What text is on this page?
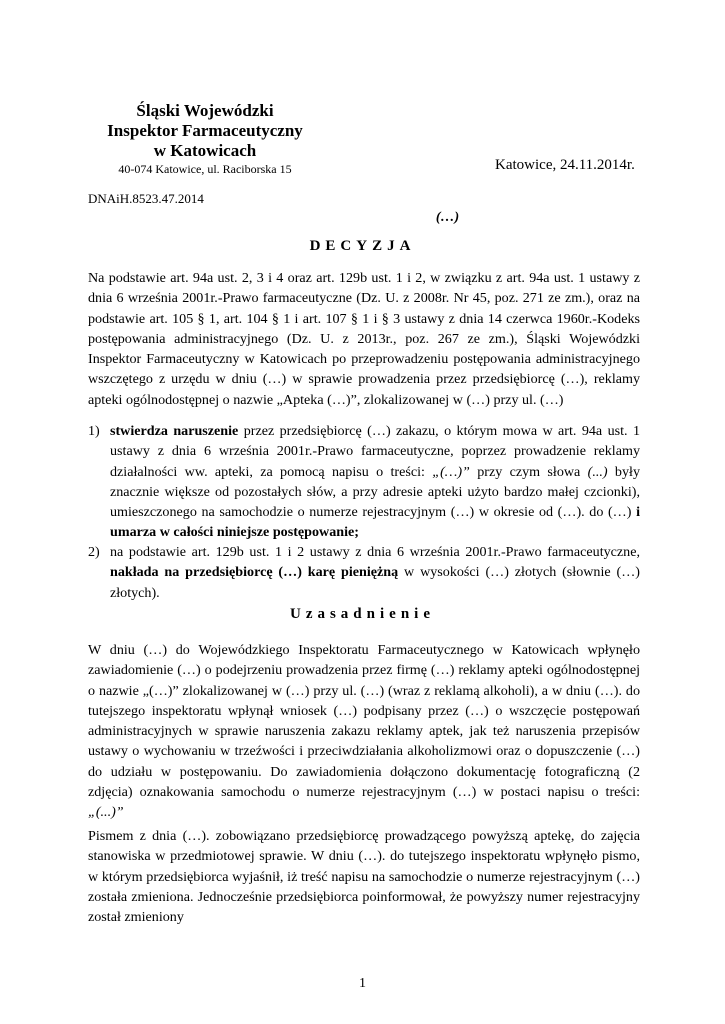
Śląski Wojewódzki
Inspektor Farmaceutyczny
w Katowicach
40-074 Katowice, ul. Raciborska 15	Katowice, 24.11.2014r.
DNAiH.8523.47.2014
(…)
DECYZJA
Na podstawie art. 94a ust. 2, 3 i 4 oraz art. 129b ust. 1 i 2, w związku z art. 94a ust. 1 ustawy z dnia 6 września 2001r.-Prawo farmaceutyczne (Dz. U. z 2008r. Nr 45, poz. 271 ze zm.), oraz na podstawie art. 105 § 1, art. 104 § 1 i art. 107 § 1 i § 3 ustawy z dnia 14 czerwca 1960r.-Kodeks postępowania administracyjnego (Dz. U. z 2013r., poz. 267 ze zm.), Śląski Wojewódzki Inspektor Farmaceutyczny w Katowicach po przeprowadzeniu postępowania administracyjnego wszczętego z urzędu w dniu (…) w sprawie prowadzenia przez przedsiębiorcę (…), reklamy apteki ogólnodostępnej o nazwie „Apteka (…)”, zlokalizowanej w (…) przy ul. (…)
1) stwierdza naruszenie przez przedsiębiorcę (…) zakazu, o którym mowa w art. 94a ust. 1 ustawy z dnia 6 września 2001r.-Prawo farmaceutyczne, poprzez prowadzenie reklamy działalności ww. apteki, za pomocą napisu o treści: „(…)” przy czym słowa (...) były znacznie większe od pozostałych słów, a przy adresie apteki użyto bardzo małej czcionki), umieszczonego na samochodzie o numerze rejestracyjnym (…) w okresie od (…). do (…) i umarza w całości niniejsze postępowanie;
2) na podstawie art. 129b ust. 1 i 2 ustawy z dnia 6 września 2001r.-Prawo farmaceutyczne, nakłada na przedsiębiorcę (…) karę pieniężną w wysokości (…) złotych (słownie (…) złotych).
Uzasadnienie
W dniu (…) do Wojewódzkiego Inspektoratu Farmaceutycznego w Katowicach wpłynęło zawiadomienie (…) o podejrzeniu prowadzenia przez firmę (…) reklamy apteki ogólnodostępnej o nazwie „(…)” zlokalizowanej w (…) przy ul. (…) (wraz z reklamą alkoholi), a w dniu (…). do tutejszego inspektoratu wpłynął wniosek (…) podpisany przez (…) o wszczęcie postępowań administracyjnych w sprawie naruszenia zakazu reklamy aptek, jak też naruszenia przepisów ustawy o wychowaniu w trzeźwości i przeciwdziałania alkoholizmowi oraz o dopuszczenie (…) do udziału w postępowaniu. Do zawiadomienia dołączono dokumentację fotograficzną (2 zdjęcia) oznakowania samochodu o numerze rejestracyjnym (…) w postaci napisu o treści: „(...)”
Pismem z dnia (…). zobowiązano przedsiębiorcę prowadzącego powyższą aptekę, do zajęcia stanowiska w przedmiotowej sprawie. W dniu (…). do tutejszego inspektoratu wpłynęło pismo, w którym przedsiębiorca wyjaśnił, iż treść napisu na samochodzie o numerze rejestracyjnym (…) została zmieniona. Jednocześnie przedsiębiorca poinformował, że powyższy numer rejestracyjny został zmieniony
1
